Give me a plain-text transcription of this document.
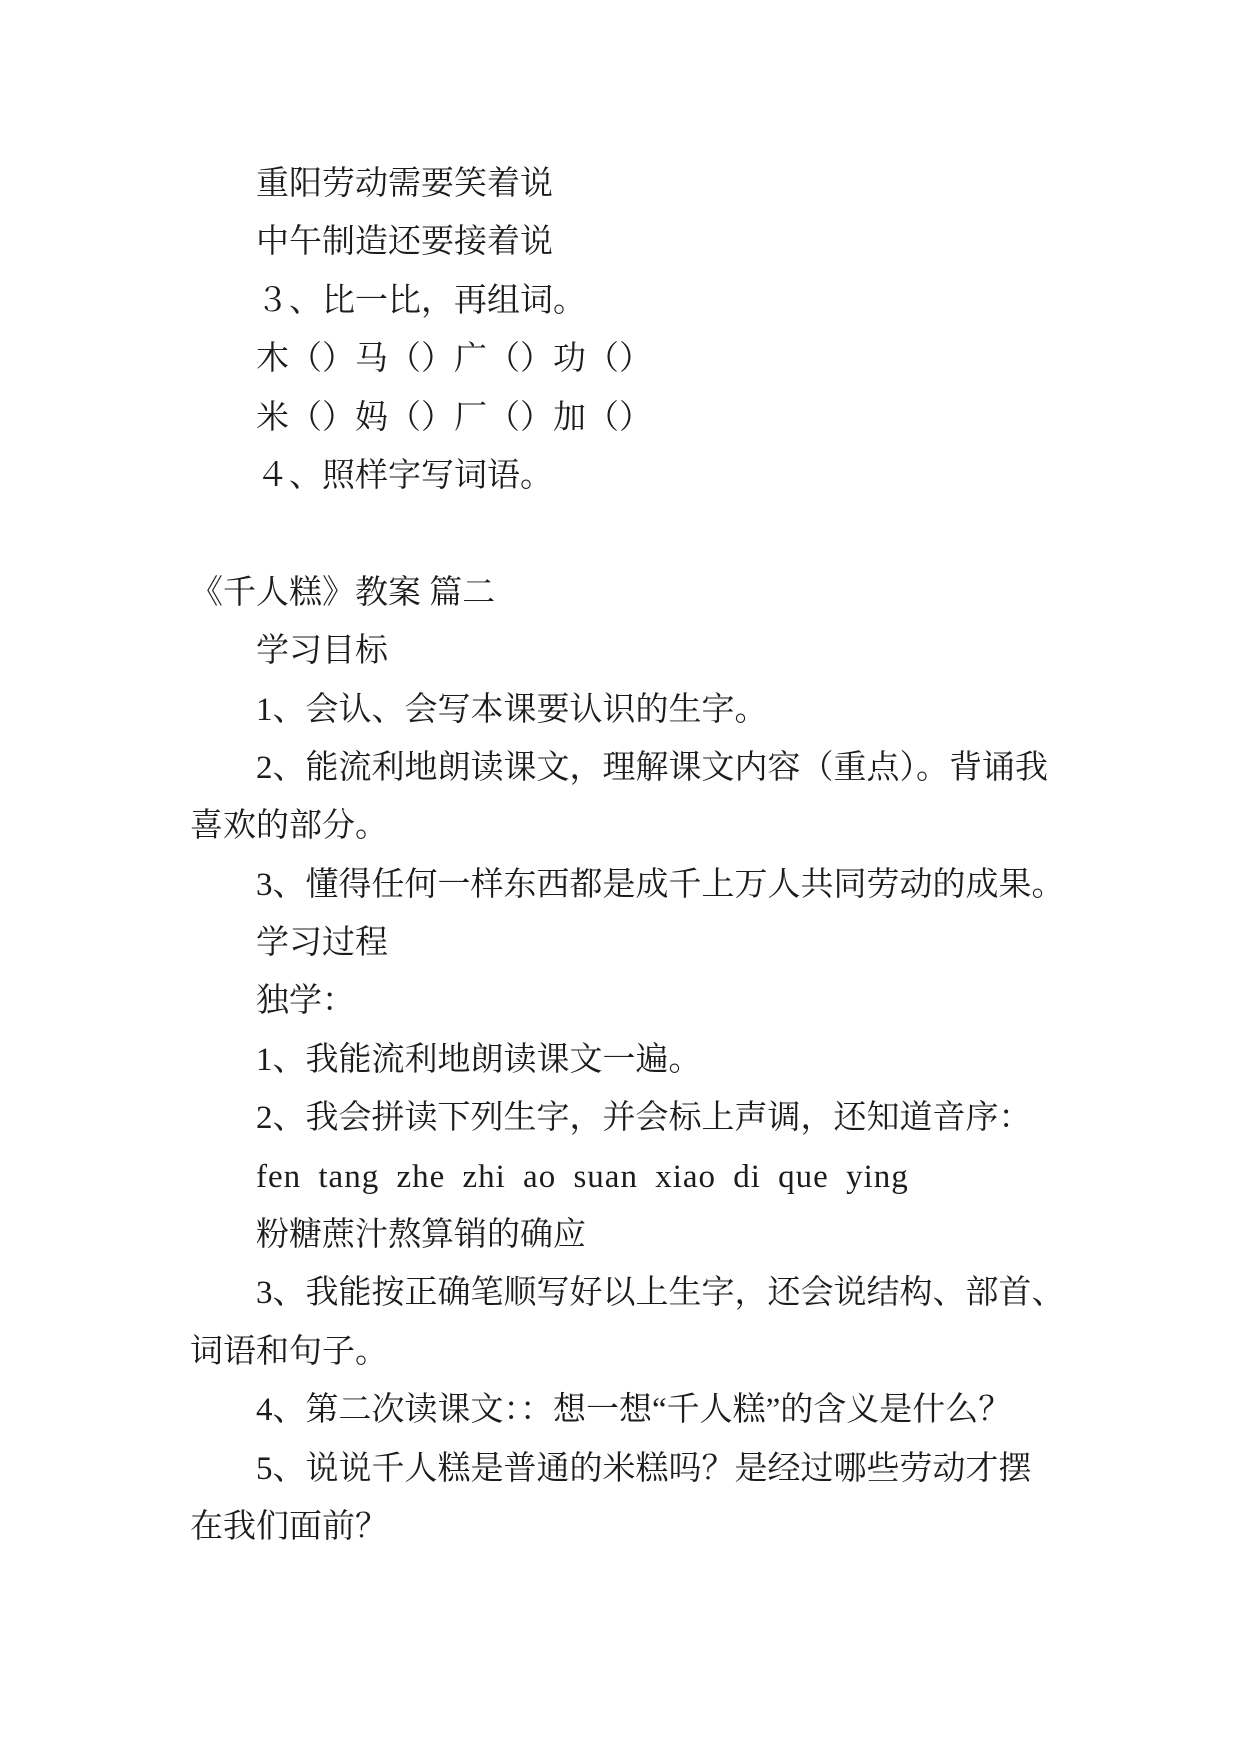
重阳劳动需要笑着说
中午制造还要接着说
３、比一比，再组词。
木（）马（）广（）功（）
米（）妈（）厂（）加（）
４、照样字写词语。
《千人糕》教案 篇二
学习目标
1、会认、会写本课要认识的生字。
2、能流利地朗读课文，理解课文内容（重点）。背诵我
喜欢的部分。
3、懂得任何一样东西都是成千上万人共同劳动的成果。
学习过程
独学：
1、我能流利地朗读课文一遍。
2、我会拼读下列生字，并会标上声调，还知道音序：
fen tang zhe zhi ao suan xiao di que ying
粉糖蔗汁熬算销的确应
3、我能按正确笔顺写好以上生字，还会说结构、部首、
词语和句子。
4、第二次读课文：：想一想“千人糕”的含义是什么？
5、说说千人糕是普通的米糕吗？是经过哪些劳动才摆
在我们面前？
